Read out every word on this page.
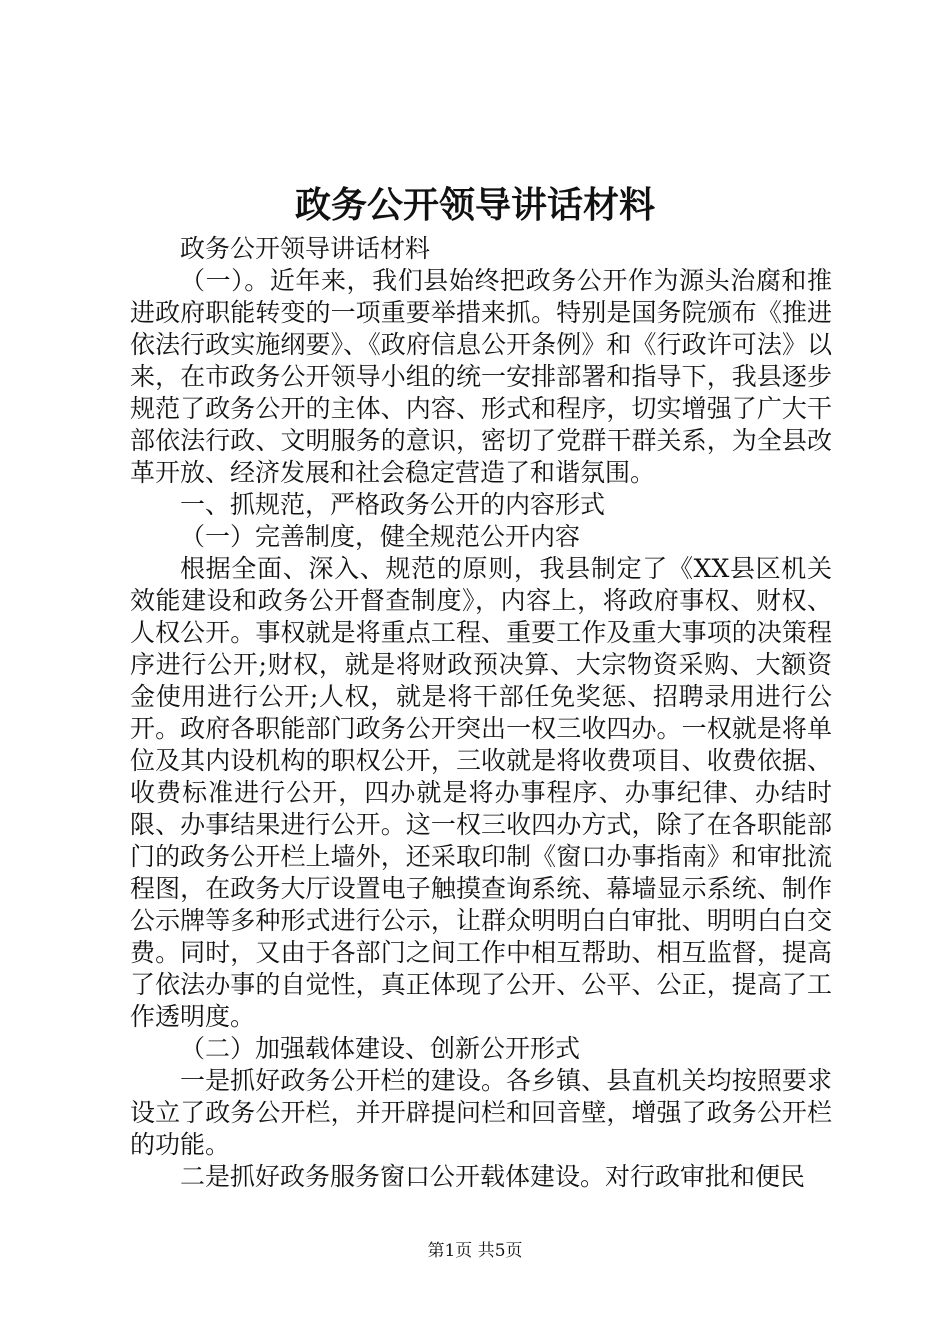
政务公开领导讲话材料

政务公开领导讲话材料

（一）。近年来，我们县始终把政务公开作为源头治腐和推进政府职能转变的一项重要举措来抓。特别是国务院颁布《推进依法行政实施纲要》、《政府信息公开条例》和《行政许可法》以来，在市政务公开领导小组的统一安排部署和指导下，我县逐步规范了政务公开的主体、内容、形式和程序，切实增强了广大干部依法行政、文明服务的意识，密切了党群干群关系，为全县改革开放、经济发展和社会稳定营造了和谐氛围。

一、抓规范，严格政务公开的内容形式

（一）完善制度，健全规范公开内容

根据全面、深入、规范的原则，我县制定了《XX县区机关效能建设和政务公开督查制度》，内容上，将政府事权、财权、人权公开。事权就是将重点工程、重要工作及重大事项的决策程序进行公开;财权，就是将财政预决算、大宗物资采购、大额资金使用进行公开;人权，就是将干部任免奖惩、招聘录用进行公开。政府各职能部门政务公开突出一权三收四办。一权就是将单位及其内设机构的职权公开，三收就是将收费项目、收费依据、收费标准进行公开，四办就是将办事程序、办事纪律、办结时限、办事结果进行公开。这一权三收四办方式，除了在各职能部门的政务公开栏上墙外，还采取印制《窗口办事指南》和审批流程图，在政务大厅设置电子触摸查询系统、幕墙显示系统、制作公示牌等多种形式进行公示，让群众明明白白审批、明明白白交费。同时，又由于各部门之间工作中相互帮助、相互监督，提高了依法办事的自觉性，真正体现了公开、公平、公正，提高了工作透明度。

（二）加强载体建设、创新公开形式

一是抓好政务公开栏的建设。各乡镇、县直机关均按照要求设立了政务公开栏，并开辟提问栏和回音壁，增强了政务公开栏的功能。

二是抓好政务服务窗口公开载体建设。对行政审批和便民

第1页 共5页
